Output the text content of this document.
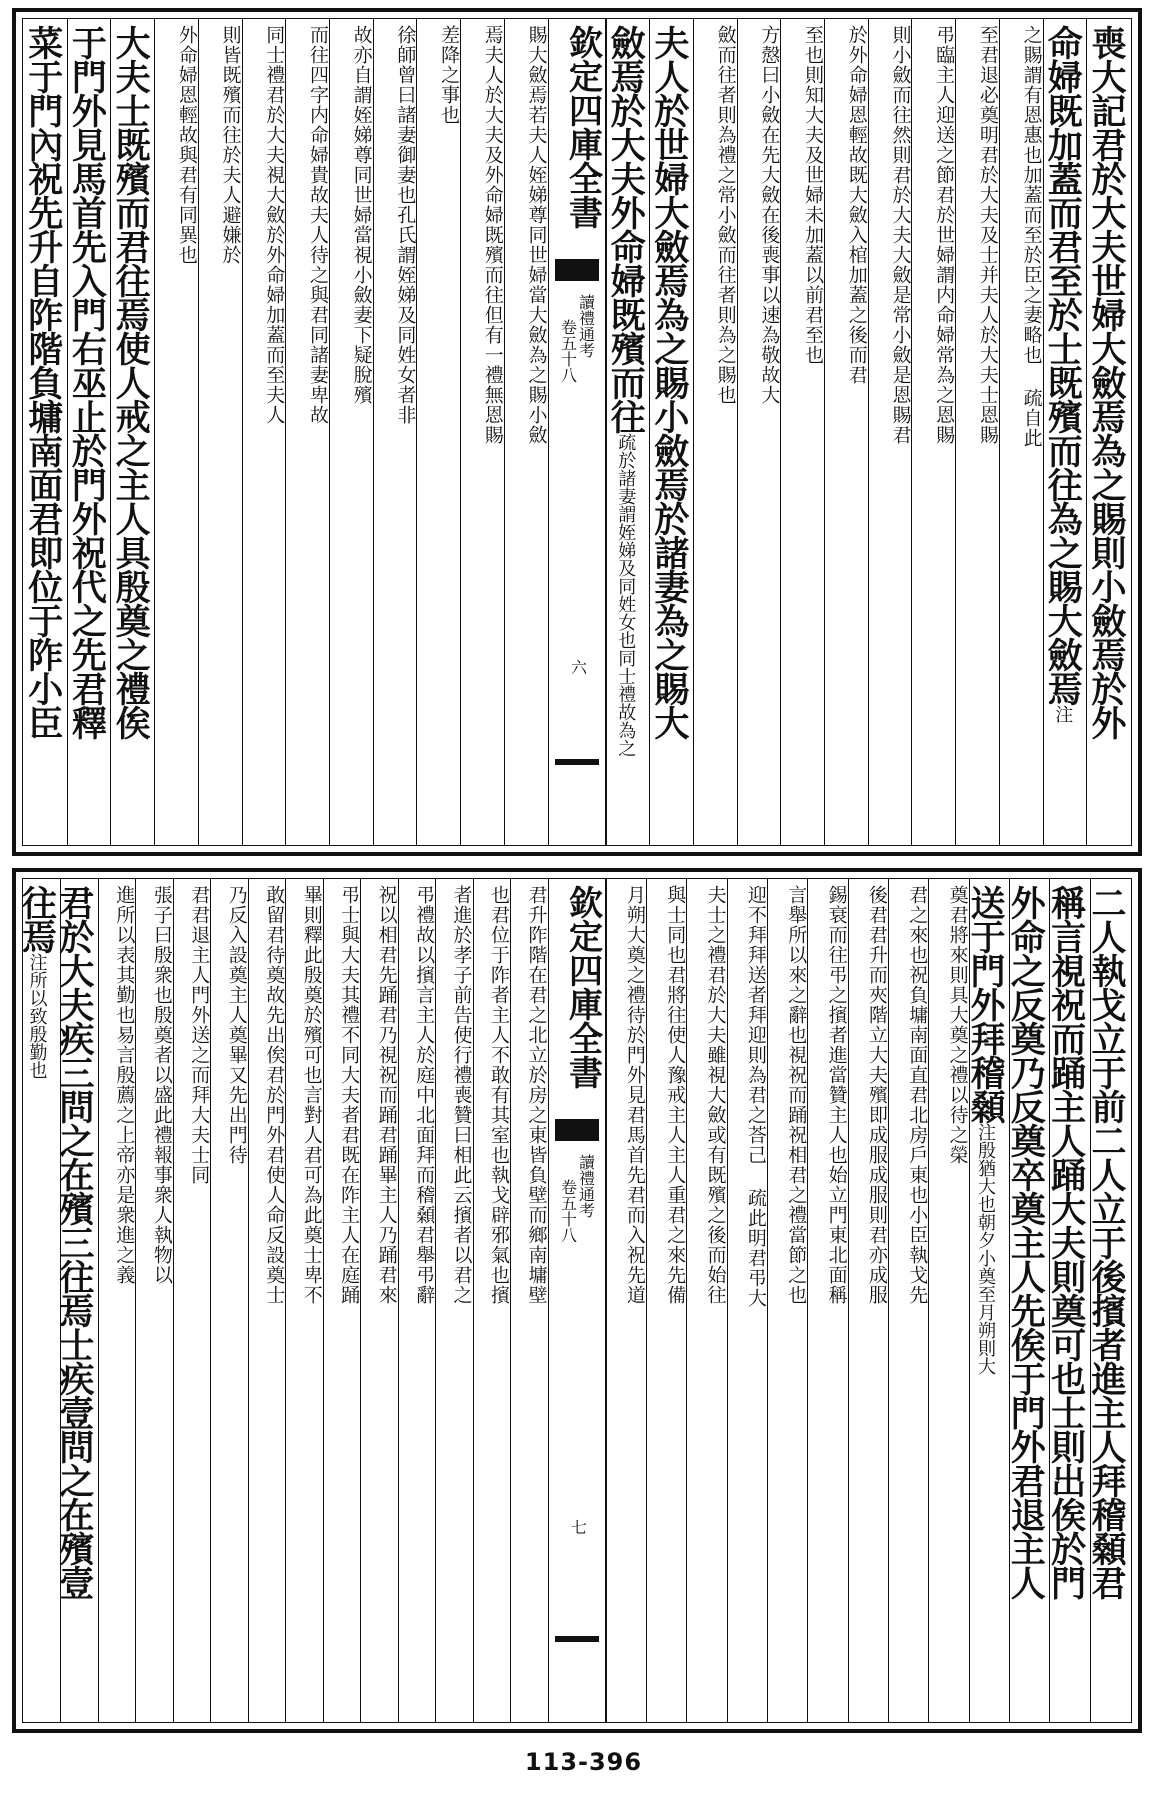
喪大記君於大夫世婦大斂焉為之賜則小斂焉於外
命婦既加蓋而君至於士既殯而往為之賜大斂焉注
之賜謂有恩惠也加蓋而至於臣之妻略也 疏自此
至君退必奠明君於大夫及士并夫人於大夫士恩賜
弔臨主人迎送之節君於世婦謂内命婦常為之恩賜
則小斂而往然則君於大夫大斂是常小斂是恩賜君
於外命婦恩輕故既大斂入棺加蓋之後而君
至也則知大夫及世婦未加蓋以前君至也
方慤曰小斂在先大斂在後喪事以速為敬故大
斂而往者則為禮之常小斂而往者則為之賜也
夫人於世婦大斂焉為之賜小斂焉於諸妻為之賜大
斂焉於大夫外命婦既殯而往疏於諸妻謂姪娣及同姓女也同士禮故為之
欽定四庫全書
讀禮通考
卷五十八
六
賜大斂焉若夫人姪娣尊同世婦當大斂為之賜小斂
焉夫人於大夫及外命婦既殯而往但有一禮無恩賜
差降之事也
徐師曾曰諸妻御妻也孔氏謂姪娣及同姓女者非
故亦自謂姪娣尊同世婦當視小斂妻下疑脫殯
而往四字内命婦貴故夫人待之與君同諸妻卑故
同士禮君於大夫視大斂於外命婦加蓋而至夫人
則皆既殯而往於夫人避嫌於
外命婦恩輕故與君有同異也
大夫士既殯而君往焉使人戒之主人具殷奠之禮俟
于門外見馬首先入門右巫止於門外祝代之先君釋
菜于門內祝先升自阼階負墉南面君即位于阼小臣
二人執戈立于前二人立于後擯者進主人拜稽顙君
稱言視祝而踊主人踊大夫則奠可也士則出俟於門
外命之反奠乃反奠卒奠主人先俟于門外君退主人
送于門外拜稽顙注殷猶大也朝夕小奠至月朔則大
奠君將來則具大奠之禮以待之榮
君之來也祝負墉南面直君北房戶東也小臣執戈先
後君君升而夾階立大夫殯即成服成服則君亦成服
錫衰而往弔之擯者進當贊主人也始立門東北面稱
言舉所以來之辭也視祝而踊祝相君之禮當節之也
迎不拜拜送者拜迎則為君之荅己 疏此明君弔大
夫士之禮君於大夫雖視大斂或有既殯之後而始往
與士同也君將往使人豫戒主人主人重君之來先備
月朔大奠之禮待於門外見君馬首先君而入祝先道
欽定四庫全書
讀禮通考
卷五十八
七
君升阼階在君之北立於房之東皆負壁而鄉南墉壁
也君位于阼者主人不敢有其室也執戈辟邪氣也擯
者進於孝子前告使行禮喪贊曰相此云擯者以君之
弔禮故以擯言主人於庭中北面拜而稽顙君舉弔辭
祝以相君先踊君乃視祝而踊君踊畢主人乃踊君來
弔士與大夫其禮不同大夫者君既在阼主人在庭踊
畢則釋此殷奠於殯可也言對人君可為此奠士卑不
敢留君待奠故先出俟君於門外君使人命反設奠士
乃反入設奠主人奠畢又先出門待
君君退主人門外送之而拜大夫士同
張子曰殷衆也殷奠者以盛此禮報事衆人執物以
進所以表其勤也易言殷薦之上帝亦是衆進之義
君於大夫疾三問之在殯三往焉士疾壹問之在殯壹
往焉注所以致殷勤也
113-396
